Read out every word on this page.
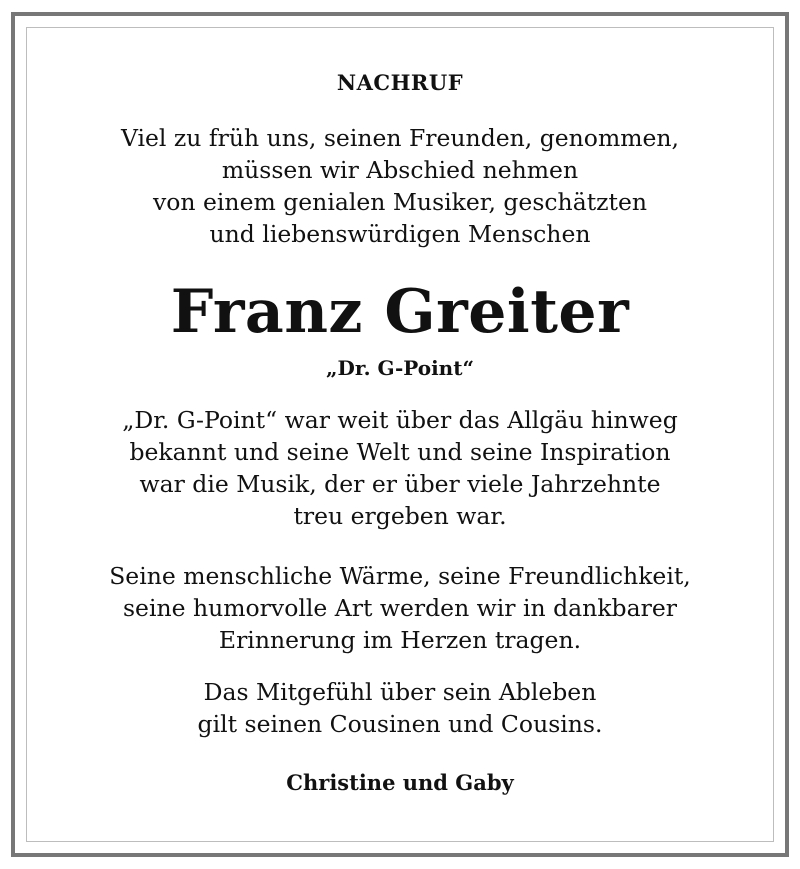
NACHRUF
Viel zu früh uns, seinen Freunden, genommen,
müssen wir Abschied nehmen
von einem genialen Musiker, geschätzten
und liebenswürdigen Menschen
Franz Greiter
„Dr. G-Point“
„Dr. G-Point“ war weit über das Allgäu hinweg
bekannt und seine Welt und seine Inspiration
war die Musik, der er über viele Jahrzehnte
treu ergeben war.
Seine menschliche Wärme, seine Freundlichkeit,
seine humorvolle Art werden wir in dankbarer
Erinnerung im Herzen tragen.
Das Mitgefühl über sein Ableben
gilt seinen Cousinen und Cousins.
Christine und Gaby
